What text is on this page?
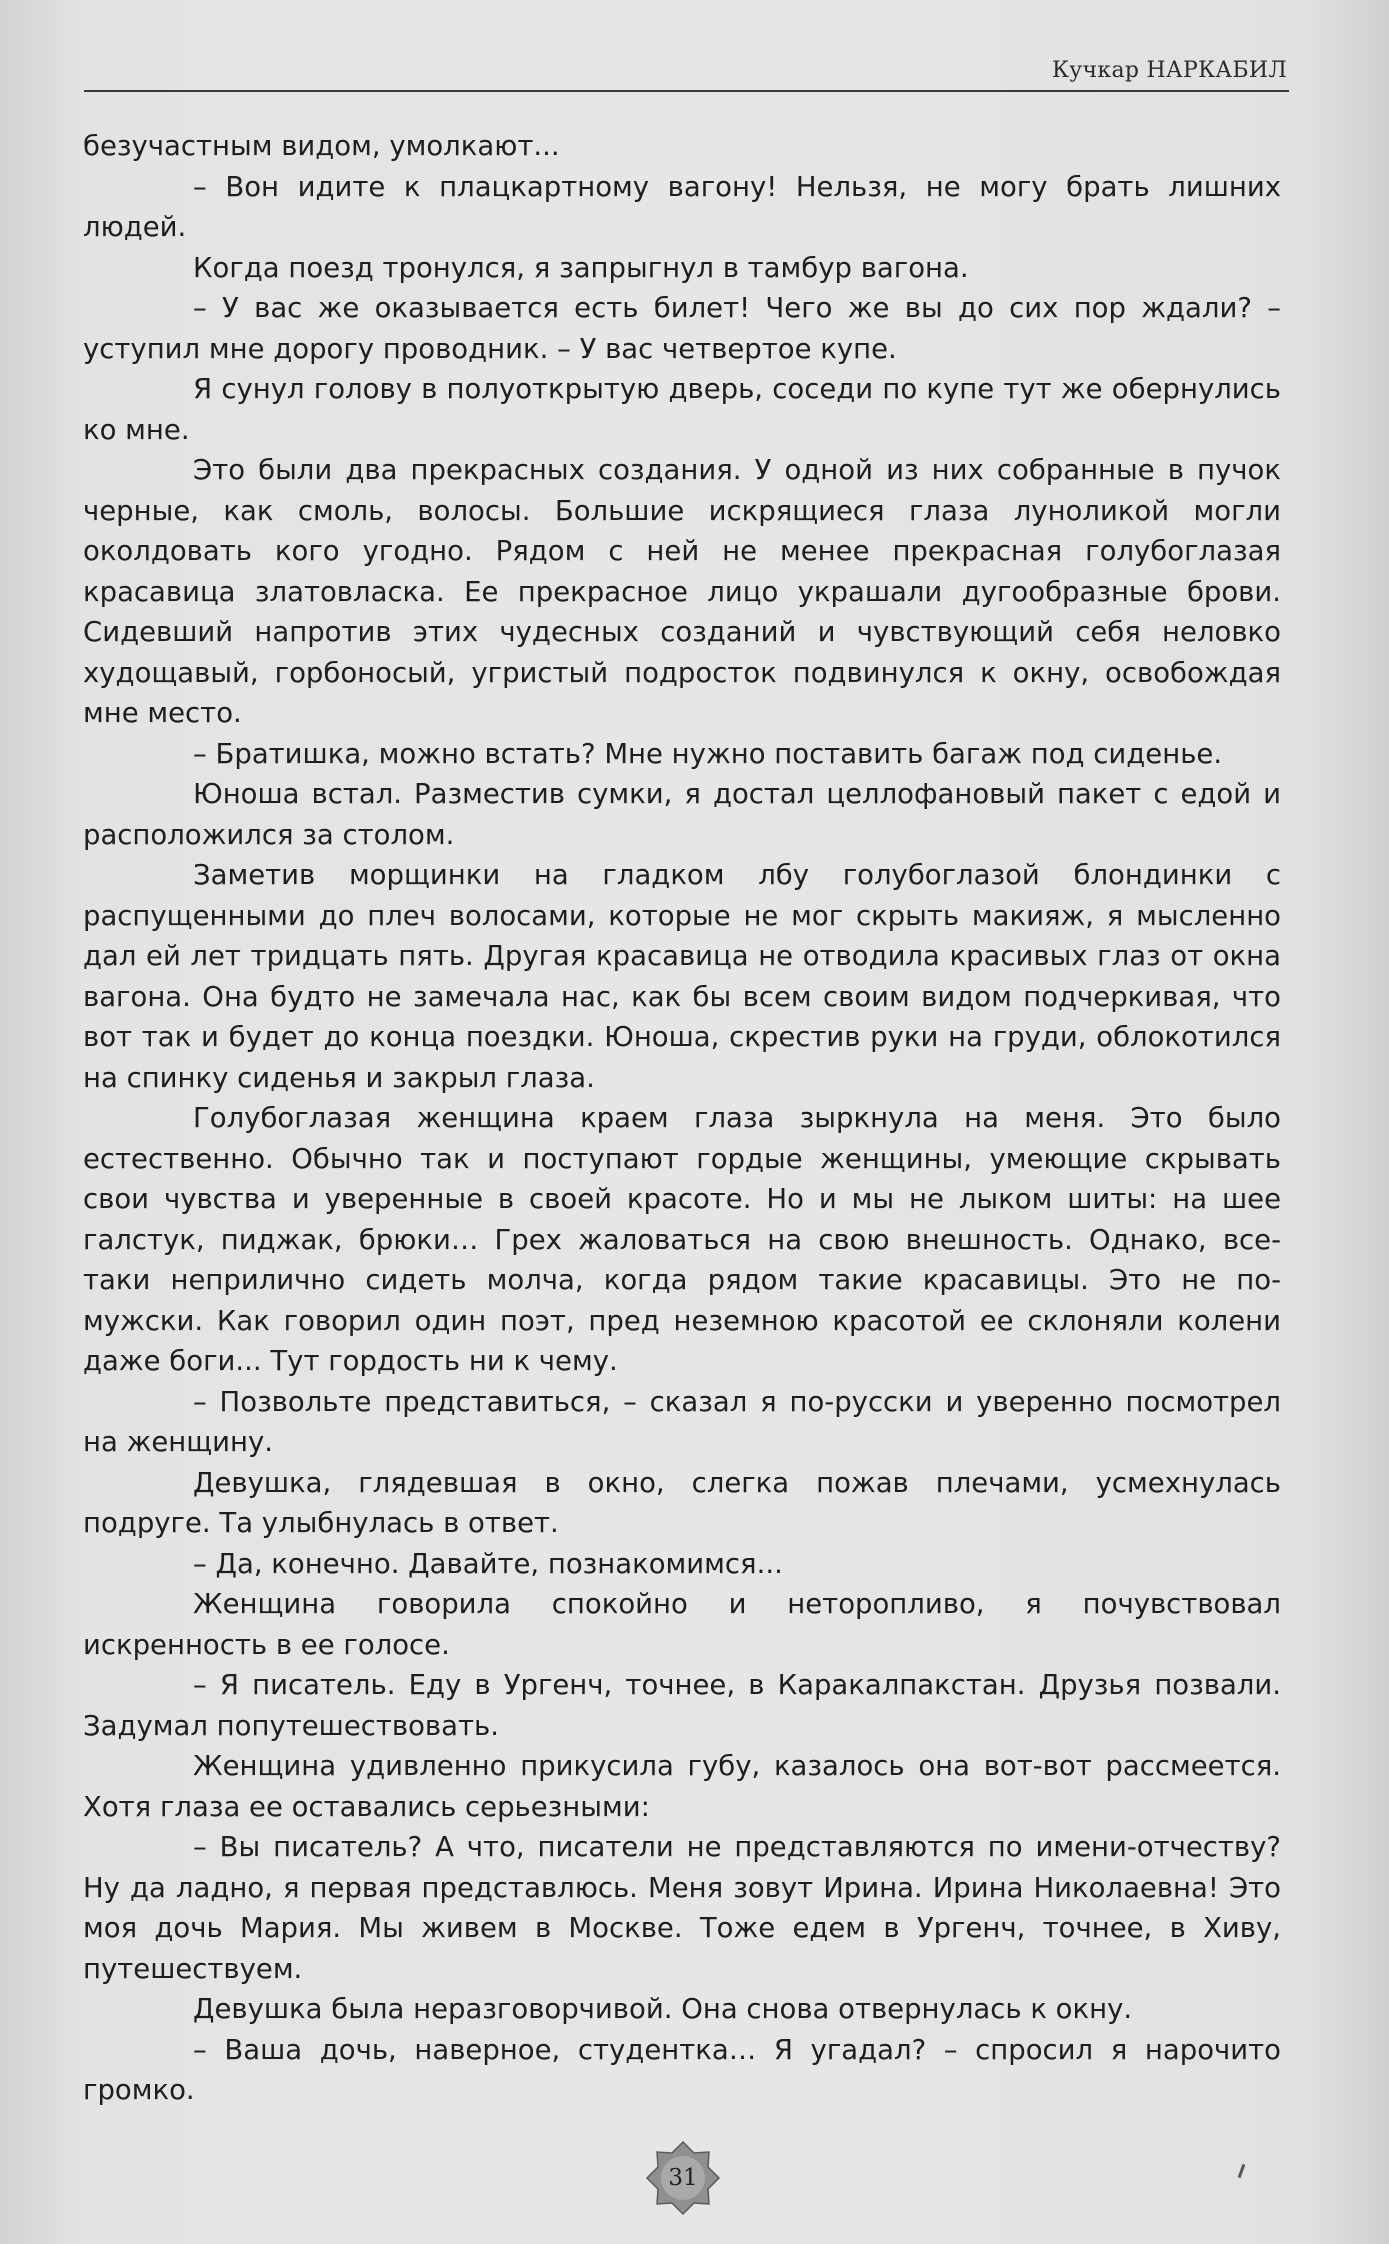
Кучкар НАРКАБИЛ

безучастным видом, умолкают...

– Вон идите к плацкартному вагону! Нельзя, не могу брать лишних людей.

Когда поезд тронулся, я запрыгнул в тамбур вагона.

– У вас же оказывается есть билет! Чего же вы до сих пор ждали? – уступил мне дорогу проводник. – У вас четвертое купе.

Я сунул голову в полуоткрытую дверь, соседи по купе тут же обернулись ко мне.

Это были два прекрасных создания. У одной из них собранные в пучок черные, как смоль, волосы. Большие искрящиеся глаза луноликой могли околдовать кого угодно. Рядом с ней не менее прекрасная голубоглазая красавица златовласка. Ее прекрасное лицо украшали дугообразные брови. Сидевший напротив этих чудесных созданий и чувствующий себя неловко худощавый, горбоносый, угристый подросток подвинулся к окну, освобождая мне место.

– Братишка, можно встать? Мне нужно поставить багаж под сиденье.

Юноша встал. Разместив сумки, я достал целлофановый пакет с едой и расположился за столом.

Заметив морщинки на гладком лбу голубоглазой блондинки с распущенными до плеч волосами, которые не мог скрыть макияж, я мысленно дал ей лет тридцать пять. Другая красавица не отводила красивых глаз от окна вагона. Она будто не замечала нас, как бы всем своим видом подчеркивая, что вот так и будет до конца поездки. Юноша, скрестив руки на груди, облокотился на спинку сиденья и закрыл глаза.

Голубоглазая женщина краем глаза зыркнула на меня. Это было естественно. Обычно так и поступают гордые женщины, умеющие скрывать свои чувства и уверенные в своей красоте. Но и мы не лыком шиты: на шее галстук, пиджак, брюки… Грех жаловаться на свою внешность. Однако, все-таки неприлично сидеть молча, когда рядом такие красавицы. Это не по-мужски. Как говорил один поэт, пред неземною красотой ее склоняли колени даже боги... Тут гордость ни к чему.

– Позвольте представиться, – сказал я по-русски и уверенно посмотрел на женщину.

Девушка, глядевшая в окно, слегка пожав плечами, усмехнулась подруге. Та улыбнулась в ответ.

– Да, конечно. Давайте, познакомимся...

Женщина говорила спокойно и неторопливо, я почувствовал искренность в ее голосе.

– Я писатель. Еду в Ургенч, точнее, в Каракалпакстан. Друзья позвали. Задумал попутешествовать.

Женщина удивленно прикусила губу, казалось она вот-вот рассмеется. Хотя глаза ее оставались серьезными:

– Вы писатель? А что, писатели не представляются по имени-отчеству? Ну да ладно, я первая представлюсь. Меня зовут Ирина. Ирина Николаевна! Это моя дочь Мария. Мы живем в Москве. Тоже едем в Ургенч, точнее, в Хиву, путешествуем.

Девушка была неразговорчивой. Она снова отвернулась к окну.

– Ваша дочь, наверное, студентка… Я угадал? – спросил я нарочито громко.

31
